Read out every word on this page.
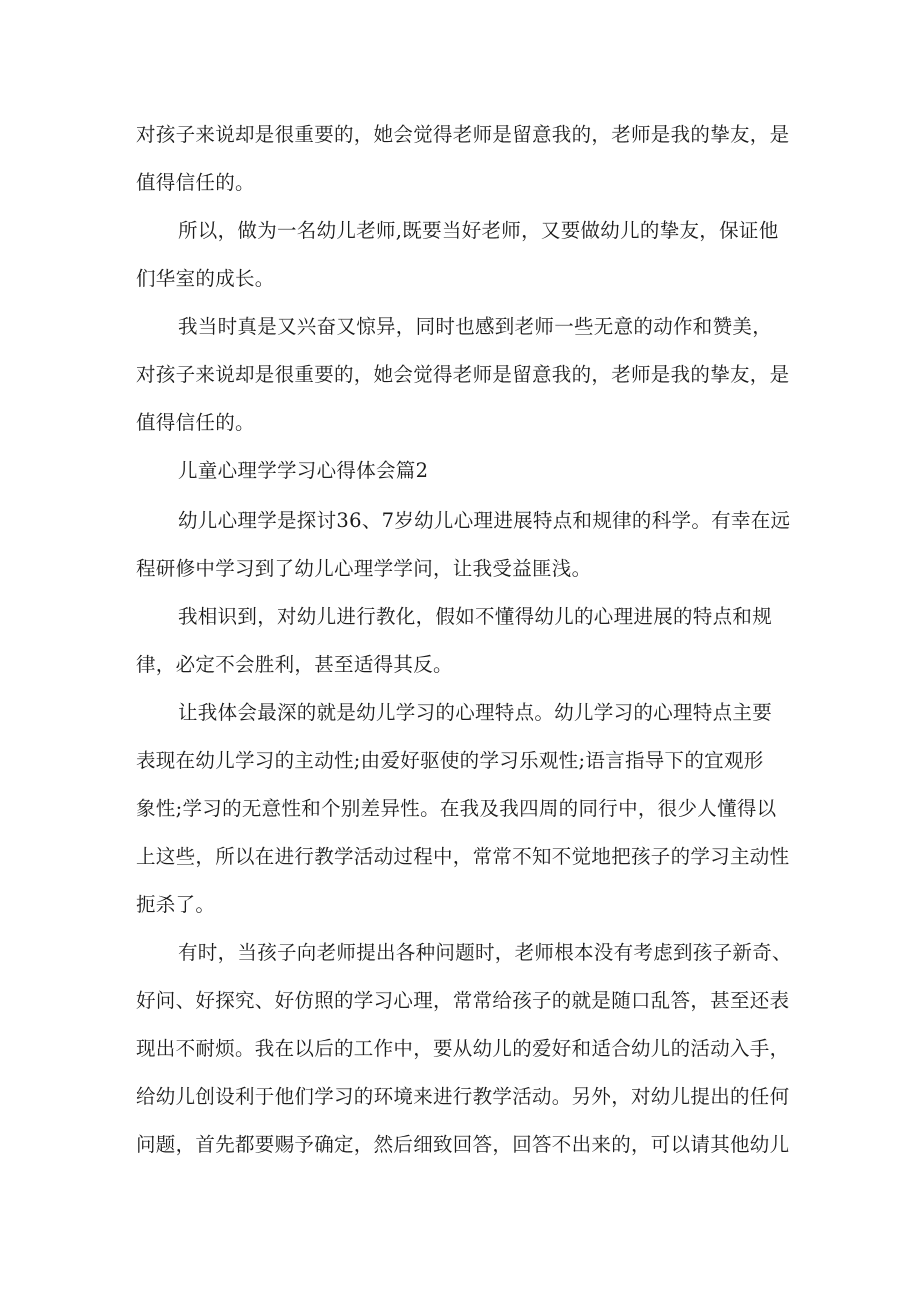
对孩子来说却是很重要的，她会觉得老师是留意我的，老师是我的挚友，是
值得信任的。
所以，做为一名幼儿老师,既要当好老师，又要做幼儿的挚友，保证他
们华室的成长。
我当时真是又兴奋又惊异，同时也感到老师一些无意的动作和赞美，
对孩子来说却是很重要的，她会觉得老师是留意我的，老师是我的挚友，是
值得信任的。
儿童心理学学习心得体会篇2
幼儿心理学是探讨36、7岁幼儿心理进展特点和规律的科学。有幸在远
程研修中学习到了幼儿心理学学问，让我受益匪浅。
我相识到，对幼儿进行教化，假如不懂得幼儿的心理进展的特点和规
律，必定不会胜利，甚至适得其反。
让我体会最深的就是幼儿学习的心理特点。幼儿学习的心理特点主要
表现在幼儿学习的主动性;由爱好驱使的学习乐观性;语言指导下的宜观形
象性;学习的无意性和个别差异性。在我及我四周的同行中，很少人懂得以
上这些，所以在进行教学活动过程中，常常不知不觉地把孩子的学习主动性
扼杀了。
有时，当孩子向老师提出各种问题时，老师根本没有考虑到孩子新奇、
好问、好探究、好仿照的学习心理，常常给孩子的就是随口乱答，甚至还表
现出不耐烦。我在以后的工作中，要从幼儿的爱好和适合幼儿的活动入手，
给幼儿创设利于他们学习的环境来进行教学活动。另外，对幼儿提出的任何
问题，首先都要赐予确定，然后细致回答，回答不出来的，可以请其他幼儿
